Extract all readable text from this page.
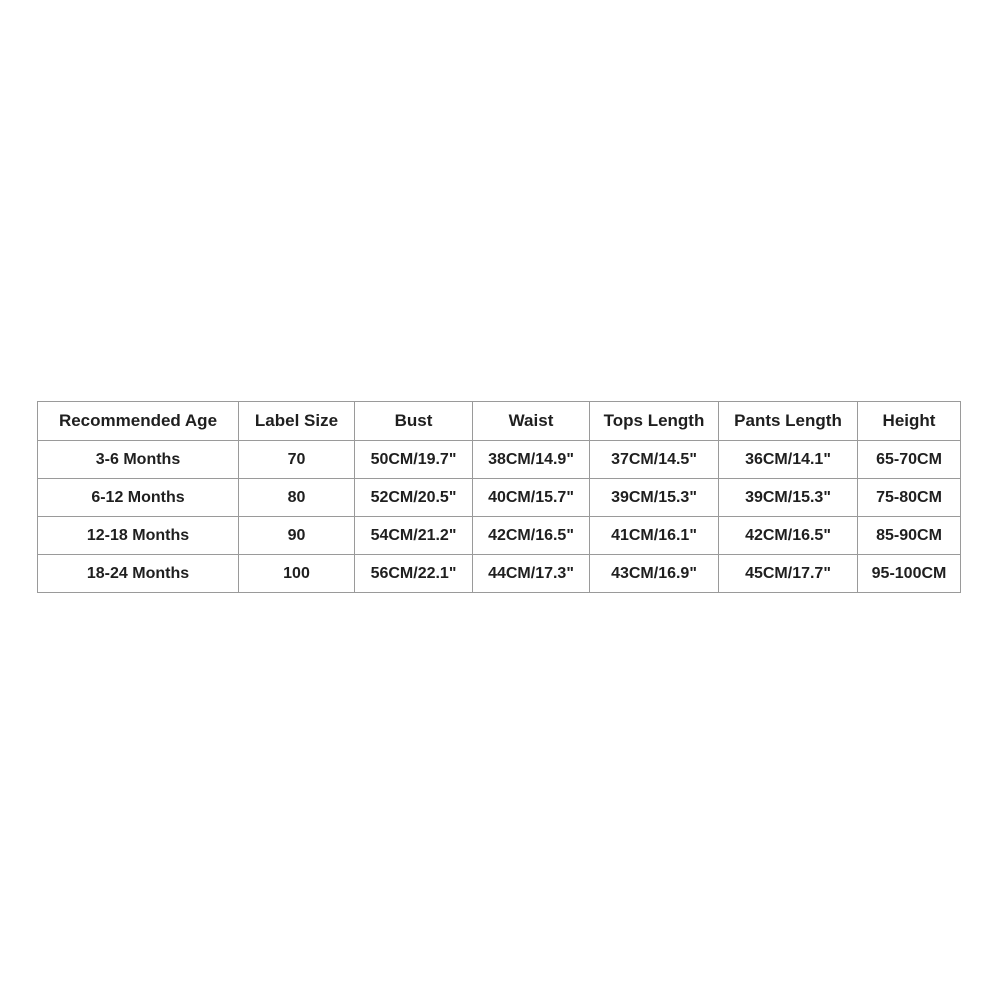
Recommended Age	Label Size	Bust	Waist	Tops Length	Pants Length	Height
3-6 Months	70	50CM/19.7"	38CM/14.9"	37CM/14.5"	36CM/14.1"	65-70CM
6-12 Months	80	52CM/20.5"	40CM/15.7"	39CM/15.3"	39CM/15.3"	75-80CM
12-18 Months	90	54CM/21.2"	42CM/16.5"	41CM/16.1"	42CM/16.5"	85-90CM
18-24 Months	100	56CM/22.1"	44CM/17.3"	43CM/16.9"	45CM/17.7"	95-100CM
